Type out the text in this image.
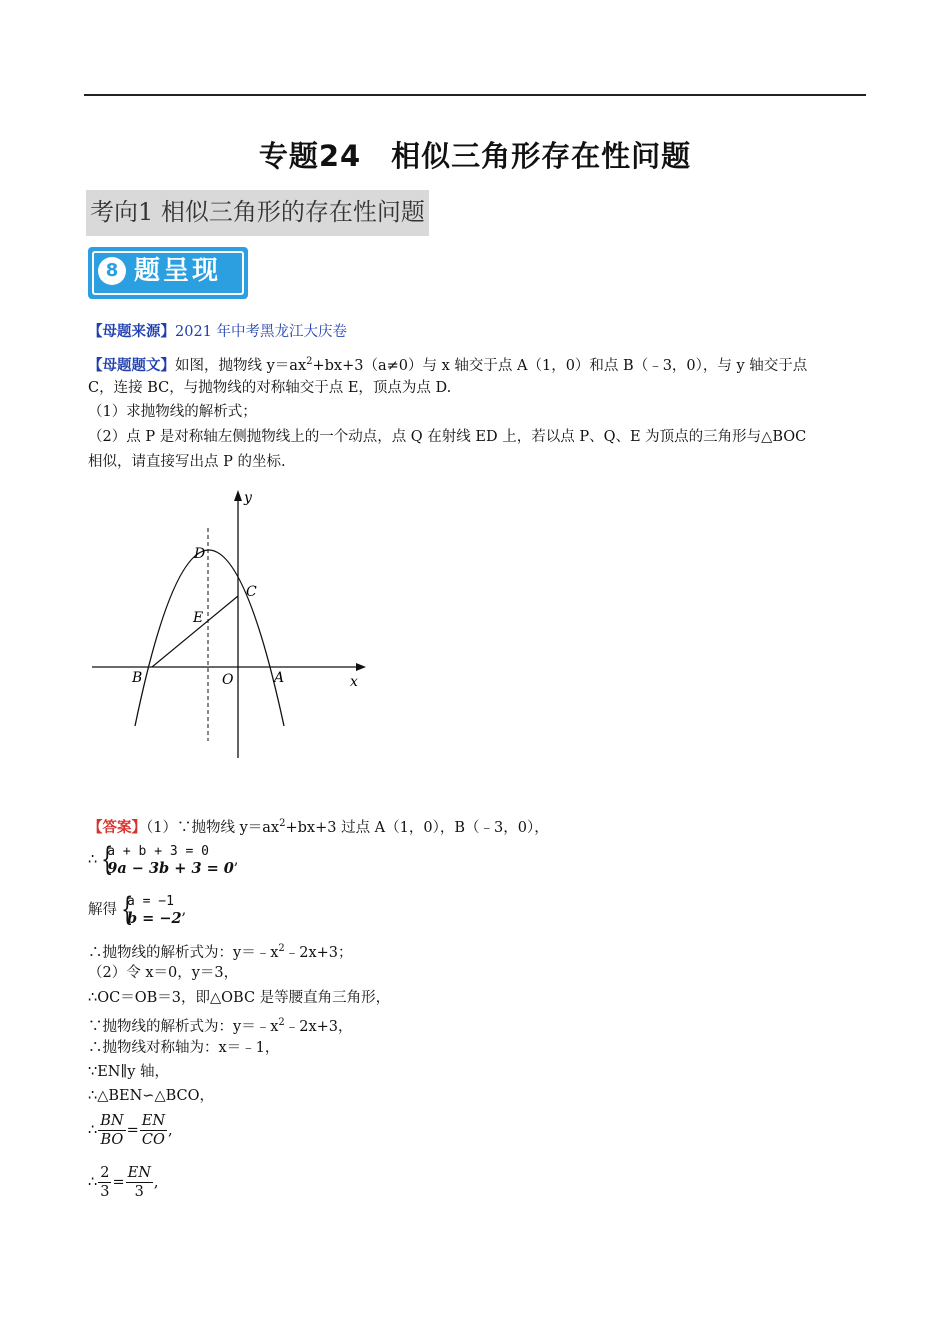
专题24　相似三角形存在性问题
考向1 相似三角形的存在性问题
8 题呈现
【母题来源】2021 年中考黑龙江大庆卷
【母题题文】如图，抛物线 $y=ax^2+bx+3(a\ne 0)$与 x 轴交于点 A（1，0）和点 B（﹣3，0），与 y 轴交于点
C，连接 BC，与抛物线的对称轴交于点 E，顶点为点 D.
（1）求抛物线的解析式；
（2）点 P 是对称轴左侧抛物线上的一个动点，点 Q 在射线 ED 上，若以点 P、Q、E 为顶点的三角形与△BOC
相似，请直接写出点 P 的坐标.
y
x
D
C
E
B	O	A
【答案】（1）∵抛物线 $y=ax^2+bx+3$ 过点 A（1，0），B（﹣3，0），
∴ {
a + b + 3 = 0
9a − 3b + 3 = 0 ,
解得 {
a = −1
b = −2 ,
∴抛物线的解析式为：$y=﹣x^2﹣2x+3$；
（2）令 x＝0，y＝3，
∴OC＝OB＝3，即△OBC 是等腰直角三角形，
∵抛物线的解析式为：$y=﹣x^2﹣2x+3$，
∴抛物线对称轴为：x＝﹣1，
∵EN∥y 轴，
∴△BEN∽△BCO，
∴ $\frac{BN}{BO} = \frac{EN}{CO}$ ,
∴ $\frac{2}{3} = \frac{EN}{3}$ ,
